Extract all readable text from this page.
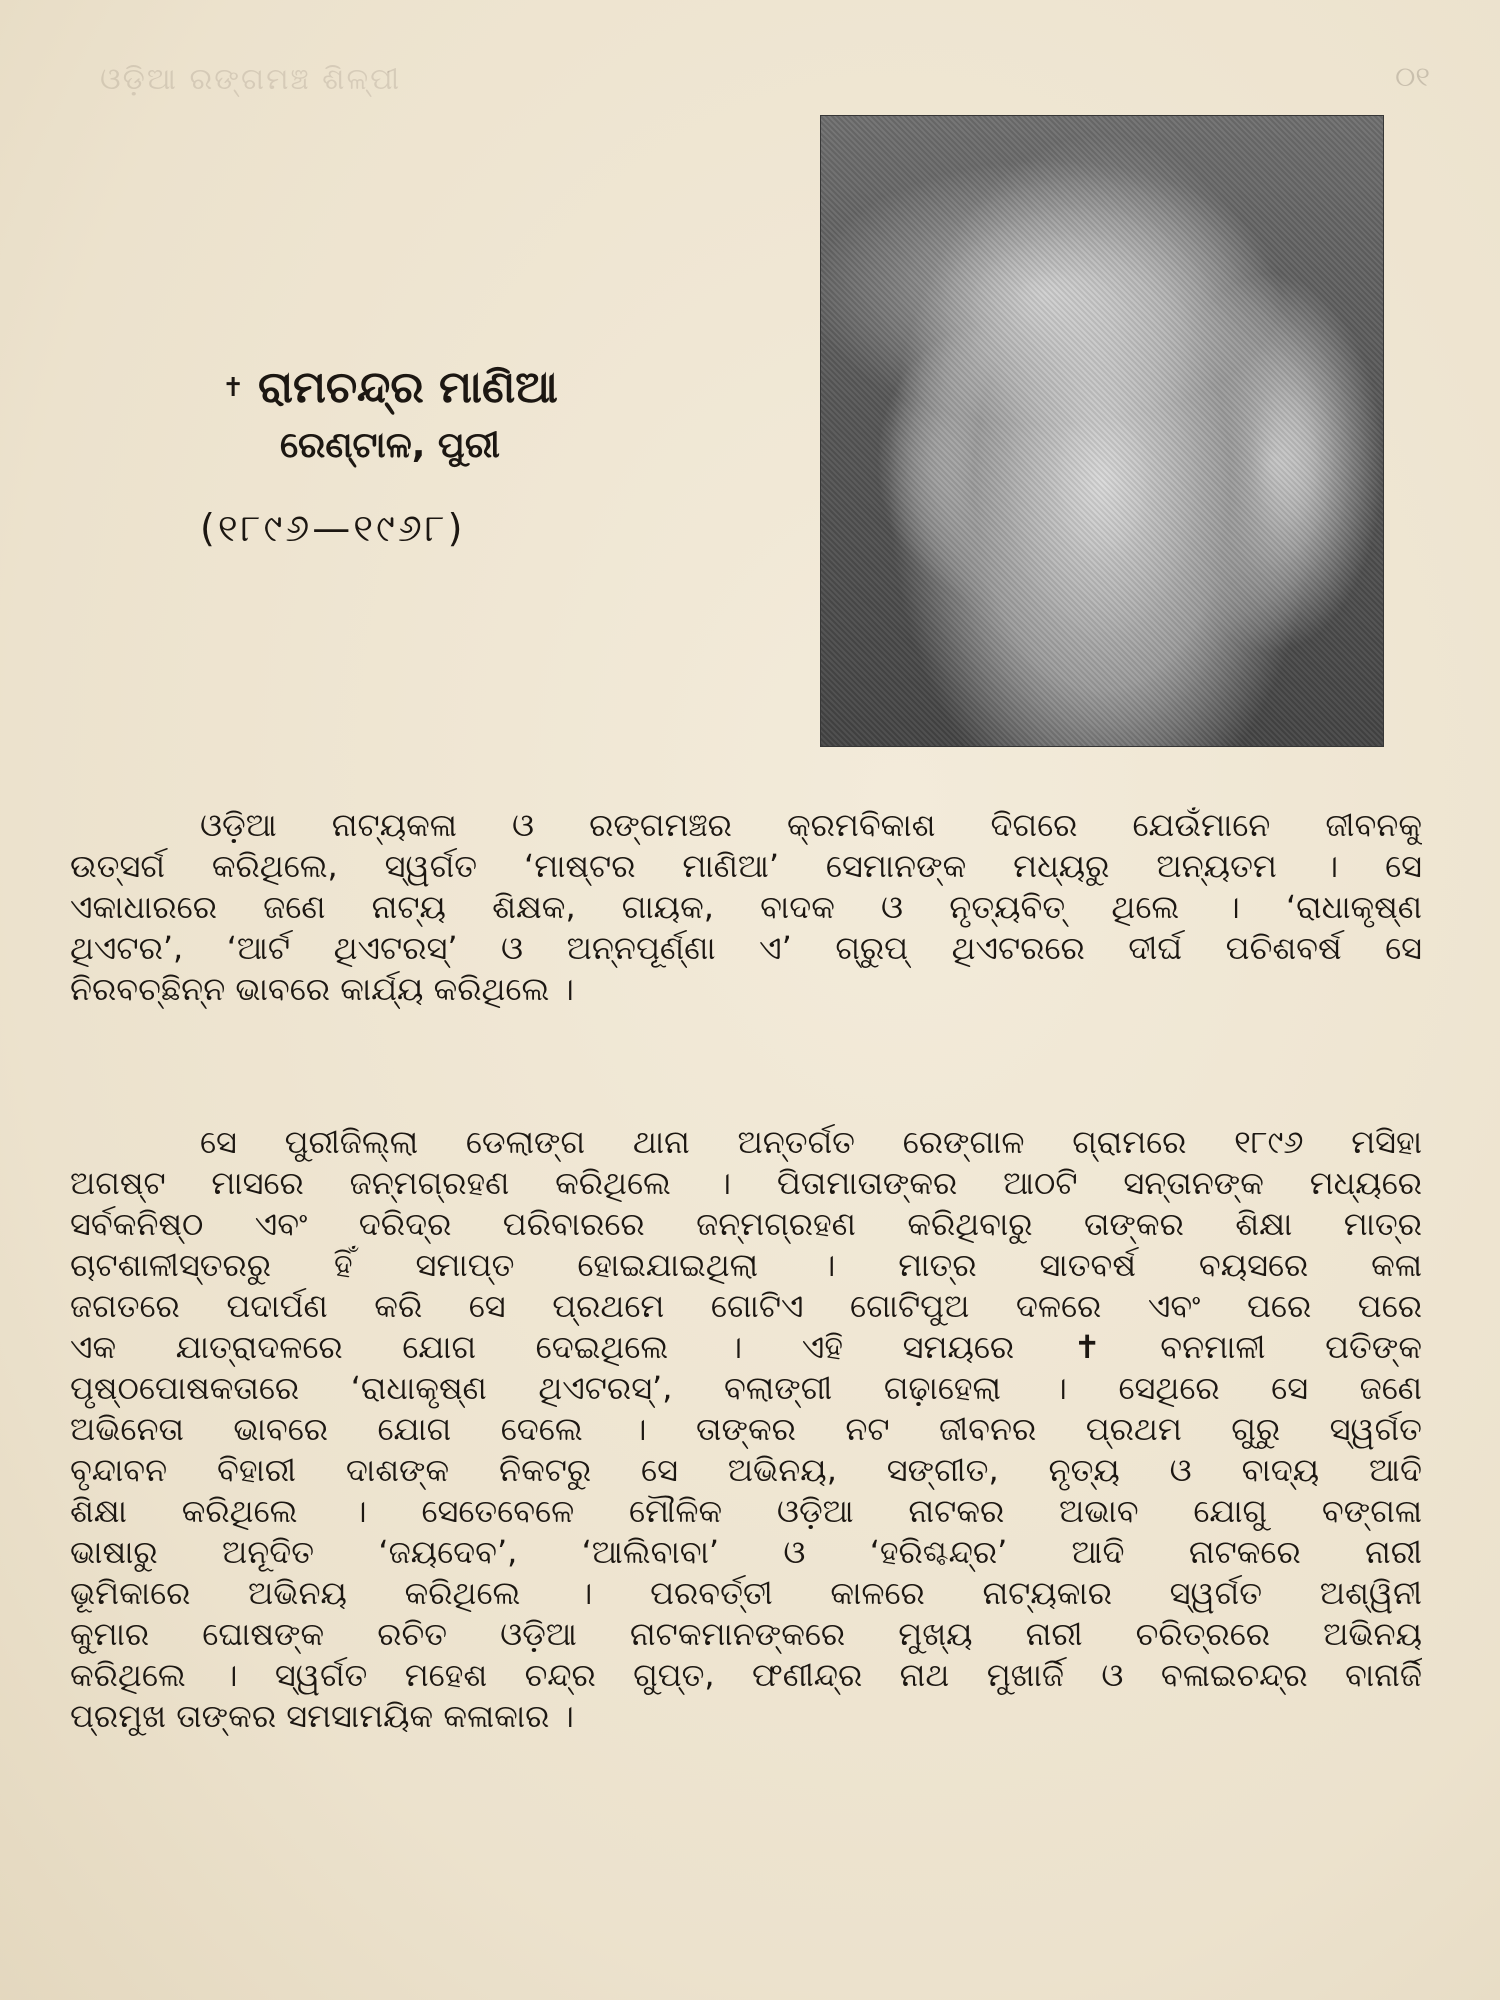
ଓଡ଼ିଆ ରଙ୍ଗମଞ୍ଚ ଶିଳ୍ପୀ	୦୧
✝ ରାମଚନ୍ଦ୍ର ମାଣିଆ
ରେଣ୍ଟାଳ, ପୁରୀ
(୧୮୯୬—୧୯୬୮)

ଓଡ଼ିଆ ନାଟ୍ୟକଳା ଓ ରଙ୍ଗମଞ୍ଚର କ୍ରମବିକାଶ ଦିଗରେ ଯେଉଁମାନେ ଜୀବନକୁ
ଉତ୍ସର୍ଗ କରିଥିଲେ, ସ୍ୱର୍ଗତ ‘ମାଷ୍ଟର ମାଣିଆ’ ସେମାନଙ୍କ ମଧ୍ୟରୁ ଅନ୍ୟତମ । ସେ
ଏକାଧାରରେ ଜଣେ ନାଟ୍ୟ ଶିକ୍ଷକ, ଗାୟକ, ବାଦକ ଓ ନୃତ୍ୟବିତ୍ ଥିଲେ । ‘ରାଧାକୃଷ୍ଣ
ଥିଏଟର’, ‘ଆର୍ଟ ଥିଏଟରସ୍’ ଓ ଅନ୍ନପୂର୍ଣ୍ଣା ଏ’ ଗ୍ରୁପ୍ ଥିଏଟରରେ ଦୀର୍ଘ ପଚିଶବର୍ଷ ସେ
ନିରବଚ୍ଛିନ୍ନ ଭାବରେ କାର୍ଯ୍ୟ କରିଥିଲେ ।

ସେ ପୁରୀଜିଲ୍ଲା ଡେଲାଙ୍ଗ ଥାନା ଅନ୍ତର୍ଗତ ରେଙ୍ଗାଳ ଗ୍ରାମରେ ୧୮୯୬ ମସିହା
ଅଗଷ୍ଟ ମାସରେ ଜନ୍ମଗ୍ରହଣ କରିଥିଲେ । ପିତାମାତାଙ୍କର ଆଠଟି ସନ୍ତାନଙ୍କ ମଧ୍ୟରେ
ସର୍ବକନିଷ୍ଠ ଏବଂ ଦରିଦ୍ର ପରିବାରରେ ଜନ୍ମଗ୍ରହଣ କରିଥିବାରୁ ତାଙ୍କର ଶିକ୍ଷା ମାତ୍ର
ଚାଟଶାଳୀସ୍ତରରୁ ହିଁ ସମାପ୍ତ ହୋଇଯାଇଥିଲା । ମାତ୍ର ସାତବର୍ଷ ବୟସରେ କଳା
ଜଗତରେ ପଦାର୍ପଣ କରି ସେ ପ୍ରଥମେ ଗୋଟିଏ ଗୋଟିପୁଅ ଦଳରେ ଏବଂ ପରେ ପରେ
ଏକ ଯାତ୍ରାଦଳରେ ଯୋଗ ଦେଇଥିଲେ । ଏହି ସମୟରେ ✝ ବନମାଳୀ ପତିଙ୍କ
ପୃଷ୍ଠପୋଷକତାରେ ‘ରାଧାକୃଷ୍ଣ ଥିଏଟରସ୍’, ବଲାଙ୍ଗୀ ଗଢ଼ାହେଲା । ସେଥିରେ ସେ ଜଣେ
ଅଭିନେତା ଭାବରେ ଯୋଗ ଦେଲେ । ତାଙ୍କର ନଟ ଜୀବନର ପ୍ରଥମ ଗୁରୁ ସ୍ୱର୍ଗତ
ବୃନ୍ଦାବନ ବିହାରୀ ଦାଶଙ୍କ ନିକଟରୁ ସେ ଅଭିନୟ, ସଙ୍ଗୀତ, ନୃତ୍ୟ ଓ ବାଦ୍ୟ ଆଦି
ଶିକ୍ଷା କରିଥିଲେ । ସେତେବେଳେ ମୌଳିକ ଓଡ଼ିଆ ନାଟକର ଅଭାବ ଯୋଗୁ ବଙ୍ଗଳା
ଭାଷାରୁ ଅନୂଦିତ ‘ଜୟଦେବ’, ‘ଆଲିବାବା’ ଓ ‘ହରିଶ୍ଚନ୍ଦ୍ର’ ଆଦି ନାଟକରେ ନାରୀ
ଭୂମିକାରେ ଅଭିନୟ କରିଥିଲେ । ପରବର୍ତ୍ତୀ କାଳରେ ନାଟ୍ୟକାର ସ୍ୱର୍ଗତ ଅଶ୍ୱିନୀ
କୁମାର ଘୋଷଙ୍କ ରଚିତ ଓଡ଼ିଆ ନାଟକମାନଙ୍କରେ ମୁଖ୍ୟ ନାରୀ ଚରିତ୍ରରେ ଅଭିନୟ
କରିଥିଲେ । ସ୍ୱର୍ଗତ ମହେଶ ଚନ୍ଦ୍ର ଗୁପ୍ତ, ଫଣୀନ୍ଦ୍ର ନାଥ ମୁଖାର୍ଜି ଓ ବଳାଇଚନ୍ଦ୍ର ବାନାର୍ଜି
ପ୍ରମୁଖ ତାଙ୍କର ସମସାମୟିକ କଳାକାର ।
